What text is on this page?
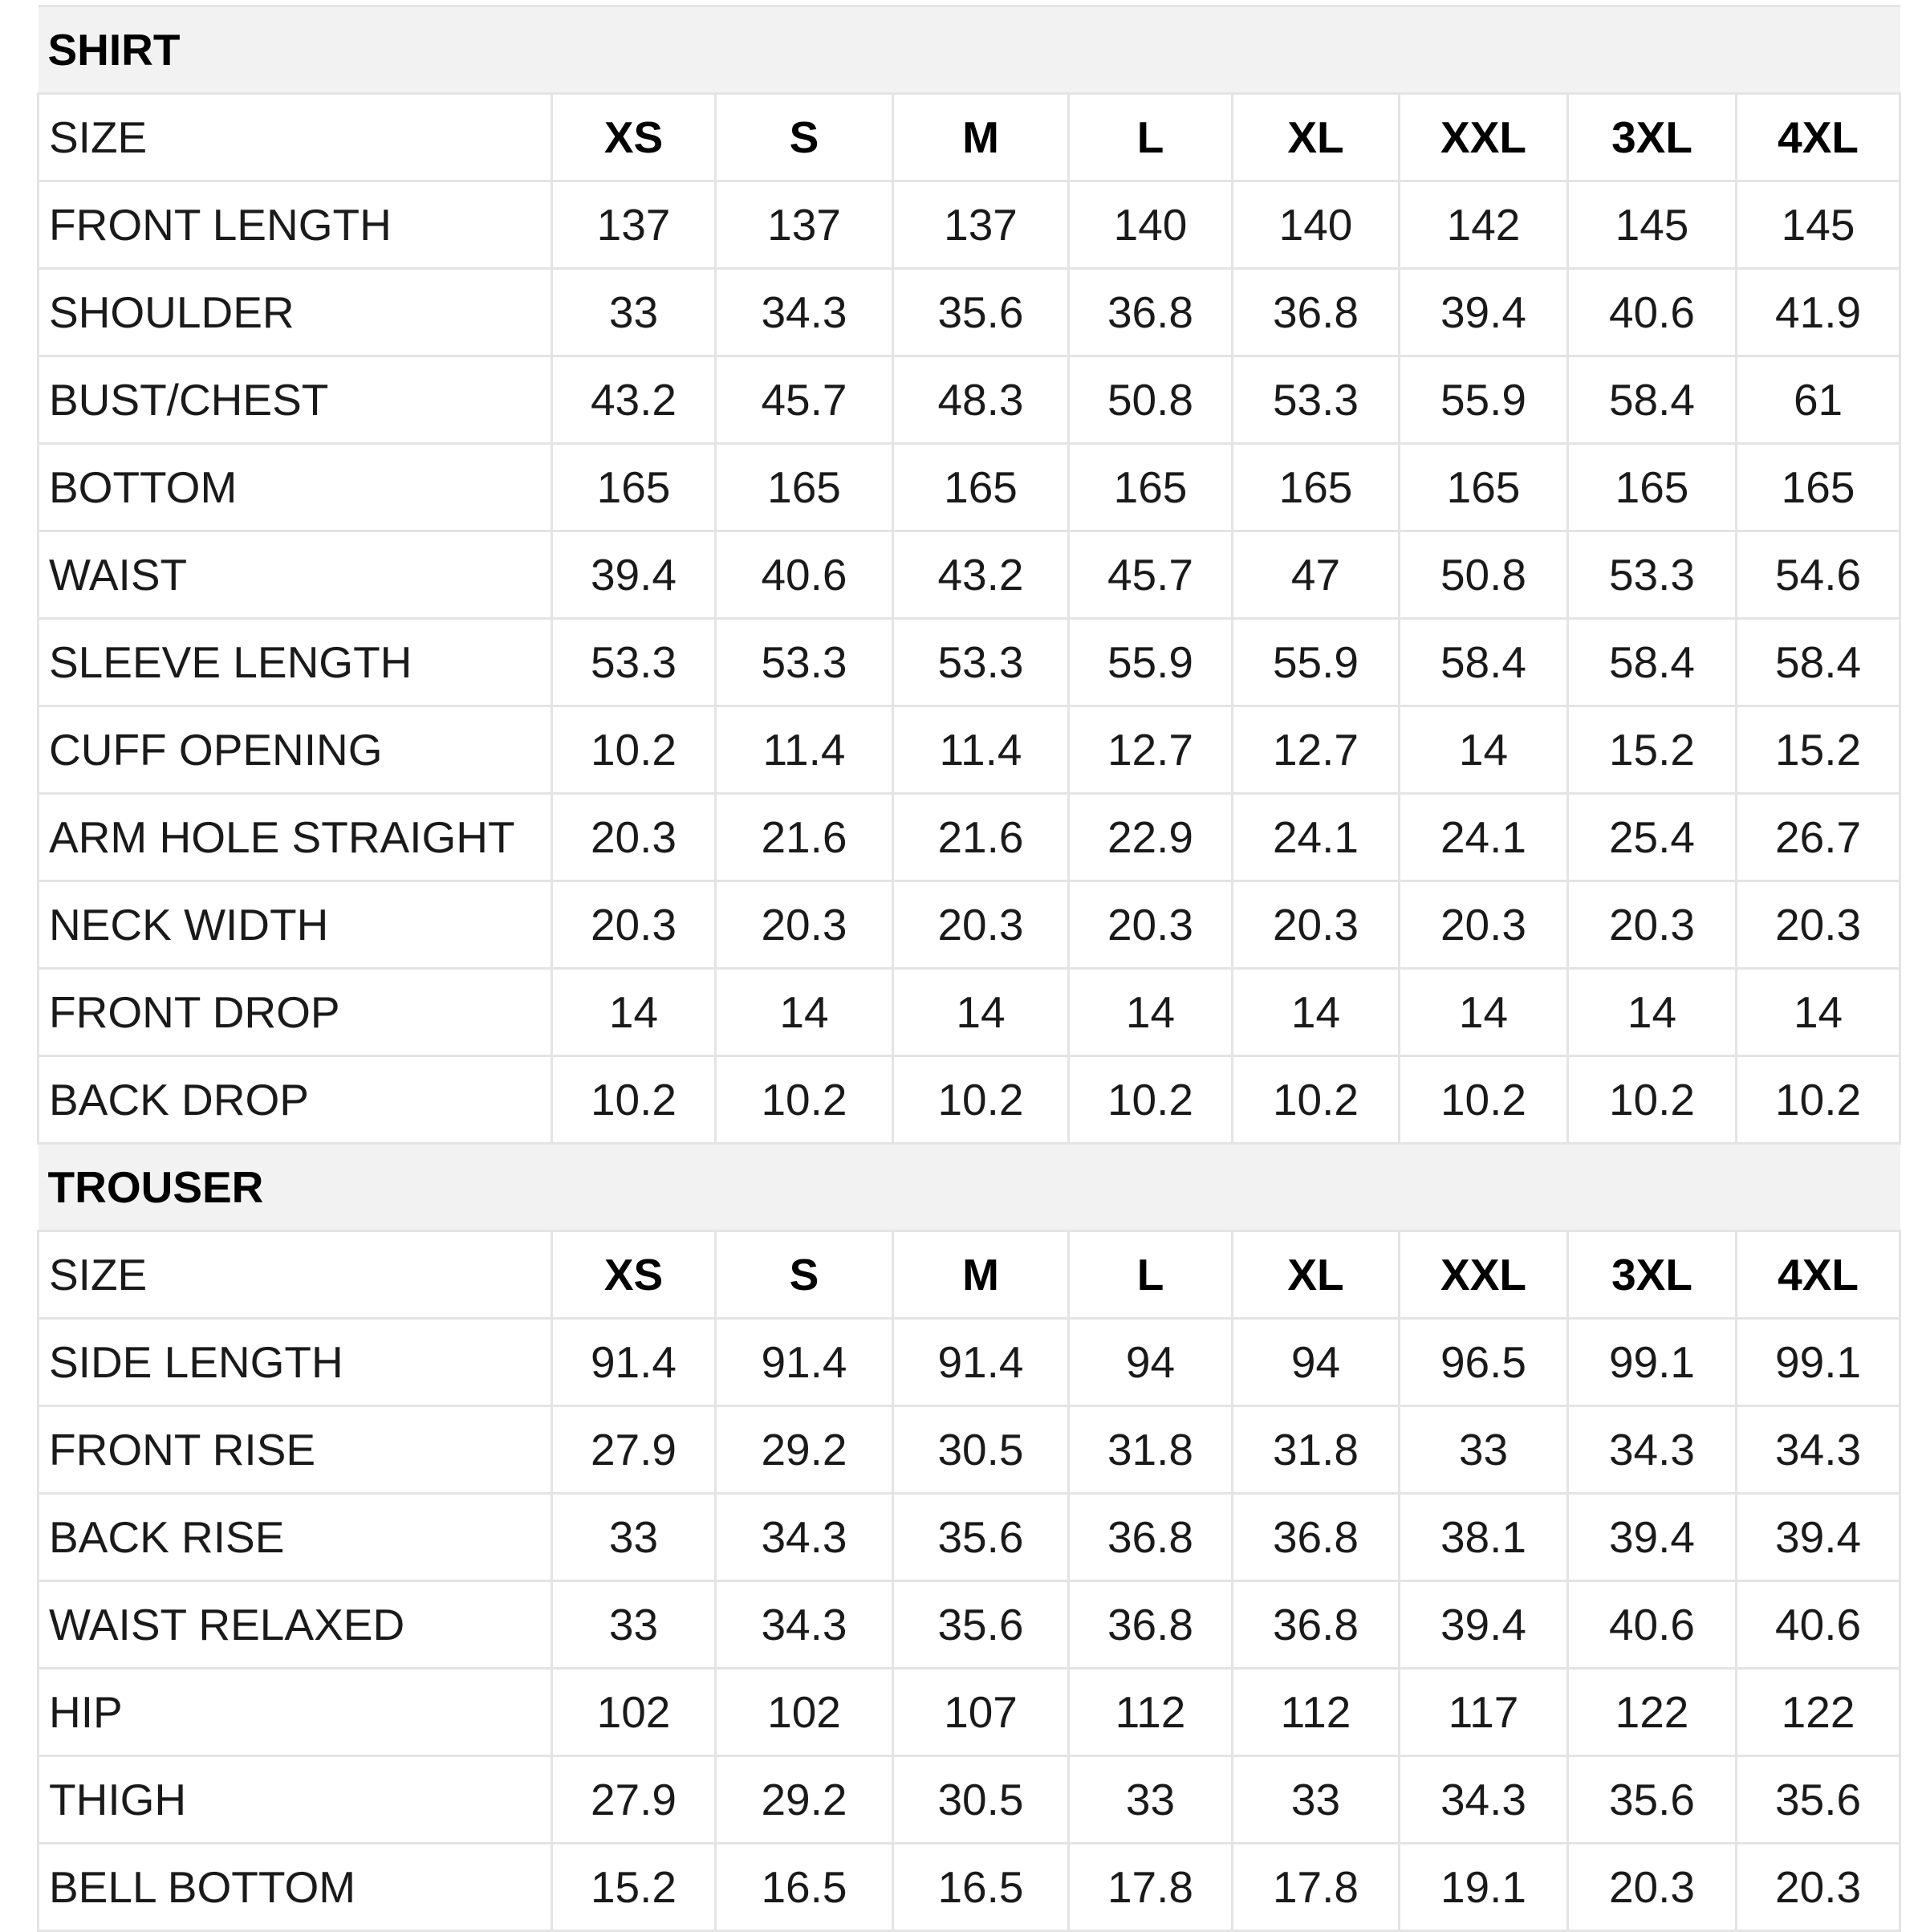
SHIRT								
SIZE	XS	S	M	L	XL	XXL	3XL	4XL
FRONT LENGTH	137	137	137	140	140	142	145	145
SHOULDER	33	34.3	35.6	36.8	36.8	39.4	40.6	41.9
BUST/CHEST	43.2	45.7	48.3	50.8	53.3	55.9	58.4	61
BOTTOM	165	165	165	165	165	165	165	165
WAIST	39.4	40.6	43.2	45.7	47	50.8	53.3	54.6
SLEEVE LENGTH	53.3	53.3	53.3	55.9	55.9	58.4	58.4	58.4
CUFF OPENING	10.2	11.4	11.4	12.7	12.7	14	15.2	15.2
ARM HOLE STRAIGHT	20.3	21.6	21.6	22.9	24.1	24.1	25.4	26.7
NECK WIDTH	20.3	20.3	20.3	20.3	20.3	20.3	20.3	20.3
FRONT DROP	14	14	14	14	14	14	14	14
BACK DROP	10.2	10.2	10.2	10.2	10.2	10.2	10.2	10.2
TROUSER								
SIZE	XS	S	M	L	XL	XXL	3XL	4XL
SIDE LENGTH	91.4	91.4	91.4	94	94	96.5	99.1	99.1
FRONT RISE	27.9	29.2	30.5	31.8	31.8	33	34.3	34.3
BACK RISE	33	34.3	35.6	36.8	36.8	38.1	39.4	39.4
WAIST RELAXED	33	34.3	35.6	36.8	36.8	39.4	40.6	40.6
HIP	102	102	107	112	112	117	122	122
THIGH	27.9	29.2	30.5	33	33	34.3	35.6	35.6
BELL BOTTOM	15.2	16.5	16.5	17.8	17.8	19.1	20.3	20.3
